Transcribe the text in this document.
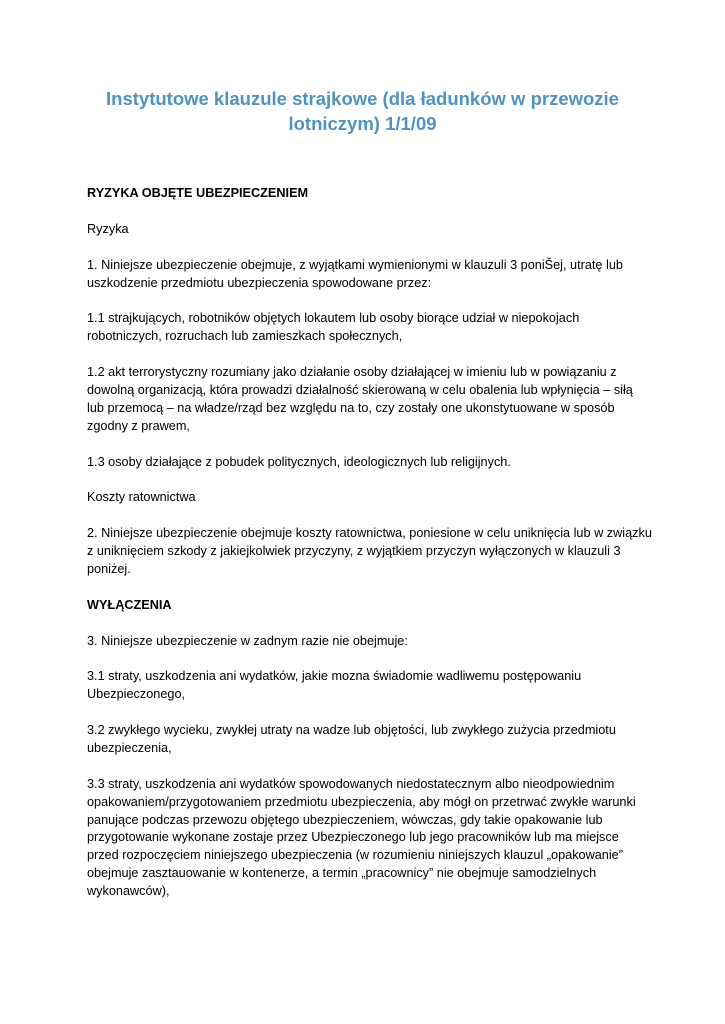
Instytutowe klauzule strajkowe (dla ładunków w przewozie lotniczym) 1/1/09

RYZYKA OBJĘTE UBEZPIECZENIEM

Ryzyka

1. Niniejsze ubezpieczenie obejmuje, z wyjątkami wymienionymi w klauzuli 3 poniŠej, utratę lub uszkodzenie przedmiotu ubezpieczenia spowodowane przez:

1.1 strajkujących, robotników objętych lokautem lub osoby biorące udział w niepokojach robotniczych, rozruchach lub zamieszkach społecznych,

1.2 akt terrorystyczny rozumiany jako działanie osoby działającej w imieniu lub w powiązaniu z dowolną organizacją, która prowadzi działalność skierowaną w celu obalenia lub wpłynięcia – siłą lub przemocą – na władze/rząd bez względu na to, czy zostały one ukonstytuowane w sposób zgodny z prawem,

1.3 osoby działające z pobudek politycznych, ideologicznych lub religijnych.

Koszty ratownictwa

2. Niniejsze ubezpieczenie obejmuje koszty ratownictwa, poniesione w celu uniknięcia lub w związku z uniknięciem szkody z jakiejkolwiek przyczyny, z wyjątkiem przyczyn wyłączonych w klauzuli 3 poniżej.

WYŁĄCZENIA

3. Niniejsze ubezpieczenie w zadnym razie nie obejmuje:

3.1 straty, uszkodzenia ani wydatków, jakie mozna świadomie wadliwemu postępowaniu Ubezpieczonego,

3.2 zwykłego wycieku, zwykłej utraty na wadze lub objętości, lub zwykłego zużycia przedmiotu ubezpieczenia,

3.3 straty, uszkodzenia ani wydatków spowodowanych niedostatecznym albo nieodpowiednim opakowaniem/przygotowaniem przedmiotu ubezpieczenia, aby mógł on przetrwać zwykłe warunki panujące podczas przewozu objętego ubezpieczeniem, wówczas, gdy takie opakowanie lub przygotowanie wykonane zostaje przez Ubezpieczonego lub jego pracowników lub ma miejsce przed rozpoczęciem niniejszego ubezpieczenia (w rozumieniu niniejszych klauzul „opakowanie” obejmuje zasztauowanie w kontenerze, a termin „pracownicy” nie obejmuje samodzielnych wykonawców),
